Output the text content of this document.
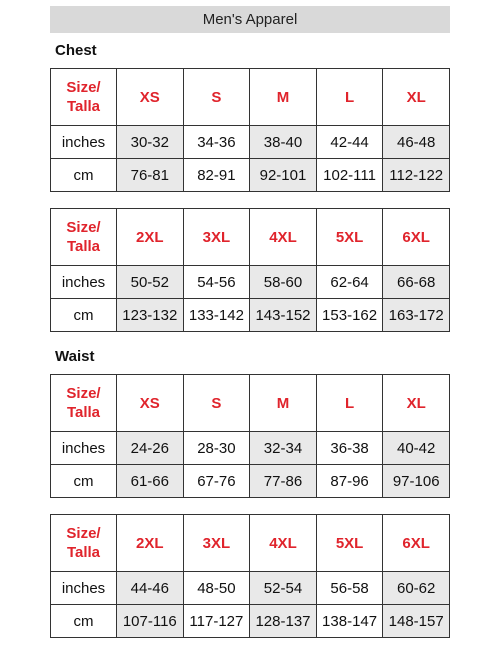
Men's Apparel
Chest
Size/
Talla	XS	S	M	L	XL
inches	30-32	34-36	38-40	42-44	46-48
cm	76-81	82-91	92-101	102-111	112-122
Size/
Talla	2XL	3XL	4XL	5XL	6XL
inches	50-52	54-56	58-60	62-64	66-68
cm	123-132	133-142	143-152	153-162	163-172
Waist
Size/
Talla	XS	S	M	L	XL
inches	24-26	28-30	32-34	36-38	40-42
cm	61-66	67-76	77-86	87-96	97-106
Size/
Talla	2XL	3XL	4XL	5XL	6XL
inches	44-46	48-50	52-54	56-58	60-62
cm	107-116	117-127	128-137	138-147	148-157
